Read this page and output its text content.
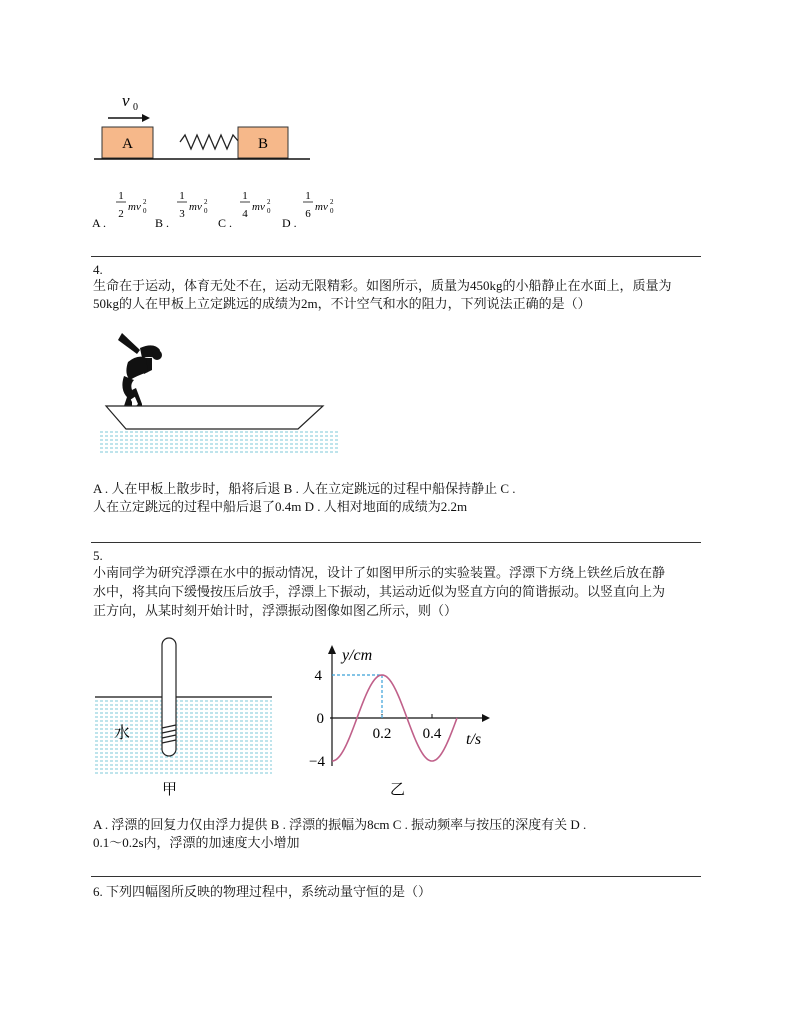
v 0
A	B
A .
1
2
mv 0
2
B .
1
3
mv 0
2
C .
1
4
mv 0
2
D .
1
6
mv 0
2
4.
生命在于运动，体育无处不在，运动无限精彩。如图所示，质量为450kg的小船静止在水面上，质量为
50kg的人在甲板上立定跳远的成绩为2m，不计空气和水的阻力，下列说法正确的是（）
A . 人在甲板上散步时，船将后退 B . 人在立定跳远的过程中船保持静止 C .
人在立定跳远的过程中船后退了0.4m D . 人相对地面的成绩为2.2m
5.
小南同学为研究浮漂在水中的振动情况，设计了如图甲所示的实验装置。浮漂下方绕上铁丝后放在静
水中，将其向下缓慢按压后放手，浮漂上下振动，其运动近似为竖直方向的简谐振动。以竖直向上为
正方向，从某时刻开始计时，浮漂振动图像如图乙所示，则（）
水
甲
y/cm
t/s
4
0
−4
0.2 0.4
乙
A . 浮漂的回复力仅由浮力提供 B . 浮漂的振幅为8cm C . 振动频率与按压的深度有关 D .
0.1～0.2s内，浮漂的加速度大小增加
6. 下列四幅图所反映的物理过程中，系统动量守恒的是（）
